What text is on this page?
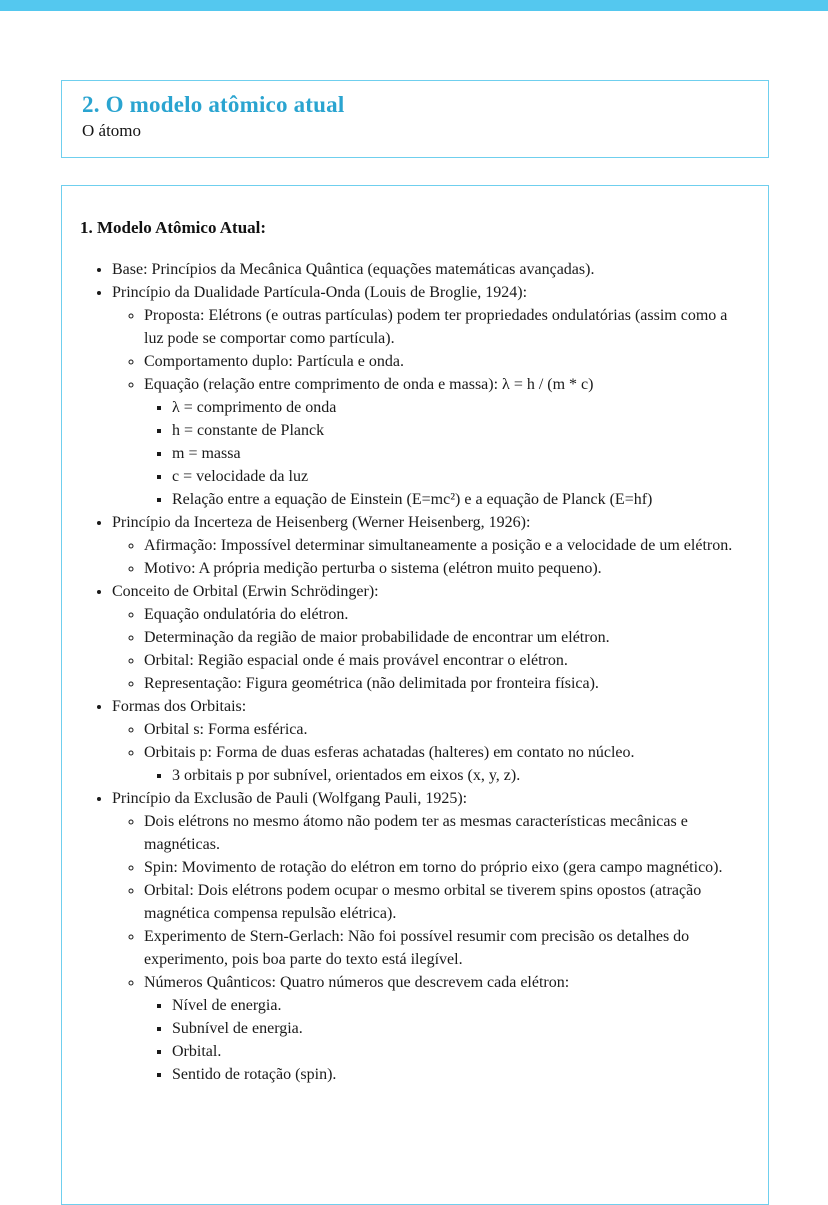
2. O modelo atômico atual
O átomo
1. Modelo Atômico Atual:
• Base: Princípios da Mecânica Quântica (equações matemáticas avançadas).
• Princípio da Dualidade Partícula-Onda (Louis de Broglie, 1924):
◦ Proposta: Elétrons (e outras partículas) podem ter propriedades ondulatórias (assim como a luz pode se comportar como partícula).
◦ Comportamento duplo: Partícula e onda.
◦ Equação (relação entre comprimento de onda e massa): λ = h / (m * c)
▪ λ = comprimento de onda
▪ h = constante de Planck
▪ m = massa
▪ c = velocidade da luz
▪ Relação entre a equação de Einstein (E=mc²) e a equação de Planck (E=hf)
• Princípio da Incerteza de Heisenberg (Werner Heisenberg, 1926):
◦ Afirmação: Impossível determinar simultaneamente a posição e a velocidade de um elétron.
◦ Motivo: A própria medição perturba o sistema (elétron muito pequeno).
• Conceito de Orbital (Erwin Schrödinger):
◦ Equação ondulatória do elétron.
◦ Determinação da região de maior probabilidade de encontrar um elétron.
◦ Orbital: Região espacial onde é mais provável encontrar o elétron.
◦ Representação: Figura geométrica (não delimitada por fronteira física).
• Formas dos Orbitais:
◦ Orbital s: Forma esférica.
◦ Orbitais p: Forma de duas esferas achatadas (halteres) em contato no núcleo.
▪ 3 orbitais p por subnível, orientados em eixos (x, y, z).
• Princípio da Exclusão de Pauli (Wolfgang Pauli, 1925):
◦ Dois elétrons no mesmo átomo não podem ter as mesmas características mecânicas e magnéticas.
◦ Spin: Movimento de rotação do elétron em torno do próprio eixo (gera campo magnético).
◦ Orbital: Dois elétrons podem ocupar o mesmo orbital se tiverem spins opostos (atração magnética compensa repulsão elétrica).
◦ Experimento de Stern-Gerlach: Não foi possível resumir com precisão os detalhes do experimento, pois boa parte do texto está ilegível.
◦ Números Quânticos: Quatro números que descrevem cada elétron:
▪ Nível de energia.
▪ Subnível de energia.
▪ Orbital.
▪ Sentido de rotação (spin).
